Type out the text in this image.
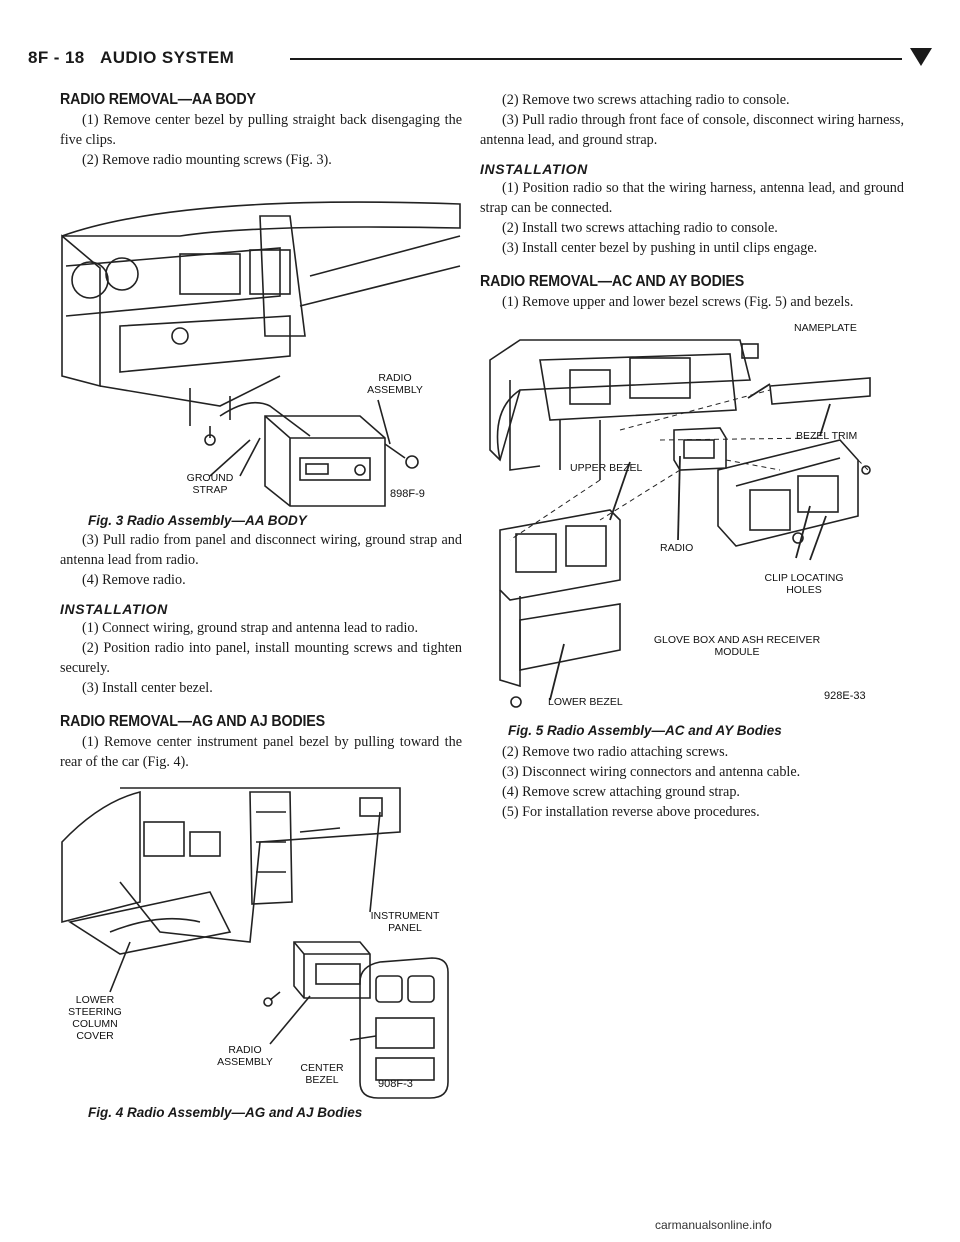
8F - 18 AUDIO SYSTEM
RADIO REMOVAL—AA BODY

(1) Remove center bezel by pulling straight back disengaging the five clips.

(2) Remove radio mounting screws (Fig. 3).

RADIO ASSEMBLY
GROUND STRAP	898F-9
Fig. 3 Radio Assembly—AA BODY

(3) Pull radio from panel and disconnect wiring, ground strap and antenna lead from radio.

(4) Remove radio.

INSTALLATION

(1) Connect wiring, ground strap and antenna lead to radio.

(2) Position radio into panel, install mounting screws and tighten securely.

(3) Install center bezel.

RADIO REMOVAL—AG AND AJ BODIES

(1) Remove center instrument panel bezel by pulling toward the rear of the car (Fig. 4).

INSTRUMENT PANEL
LOWER STEERING COLUMN COVER
RADIO ASSEMBLY	CENTER BEZEL	908F-3
Fig. 4 Radio Assembly—AG and AJ Bodies

(2) Remove two screws attaching radio to console.

(3) Pull radio through front face of console, disconnect wiring harness, antenna lead, and ground strap.

INSTALLATION

(1) Position radio so that the wiring harness, antenna lead, and ground strap can be connected.

(2) Install two screws attaching radio to console.

(3) Install center bezel by pushing in until clips engage.

RADIO REMOVAL—AC AND AY BODIES

(1) Remove upper and lower bezel screws (Fig. 5) and bezels.

NAMEPLATE
BEZEL TRIM
UPPER BEZEL
RADIO
CLIP LOCATING HOLES
GLOVE BOX AND ASH RECEIVER MODULE
LOWER BEZEL	928E-33
Fig. 5 Radio Assembly—AC and AY Bodies

(2) Remove two radio attaching screws.

(3) Disconnect wiring connectors and antenna cable.

(4) Remove screw attaching ground strap.

(5) For installation reverse above procedures.

carmanualsonline.info
